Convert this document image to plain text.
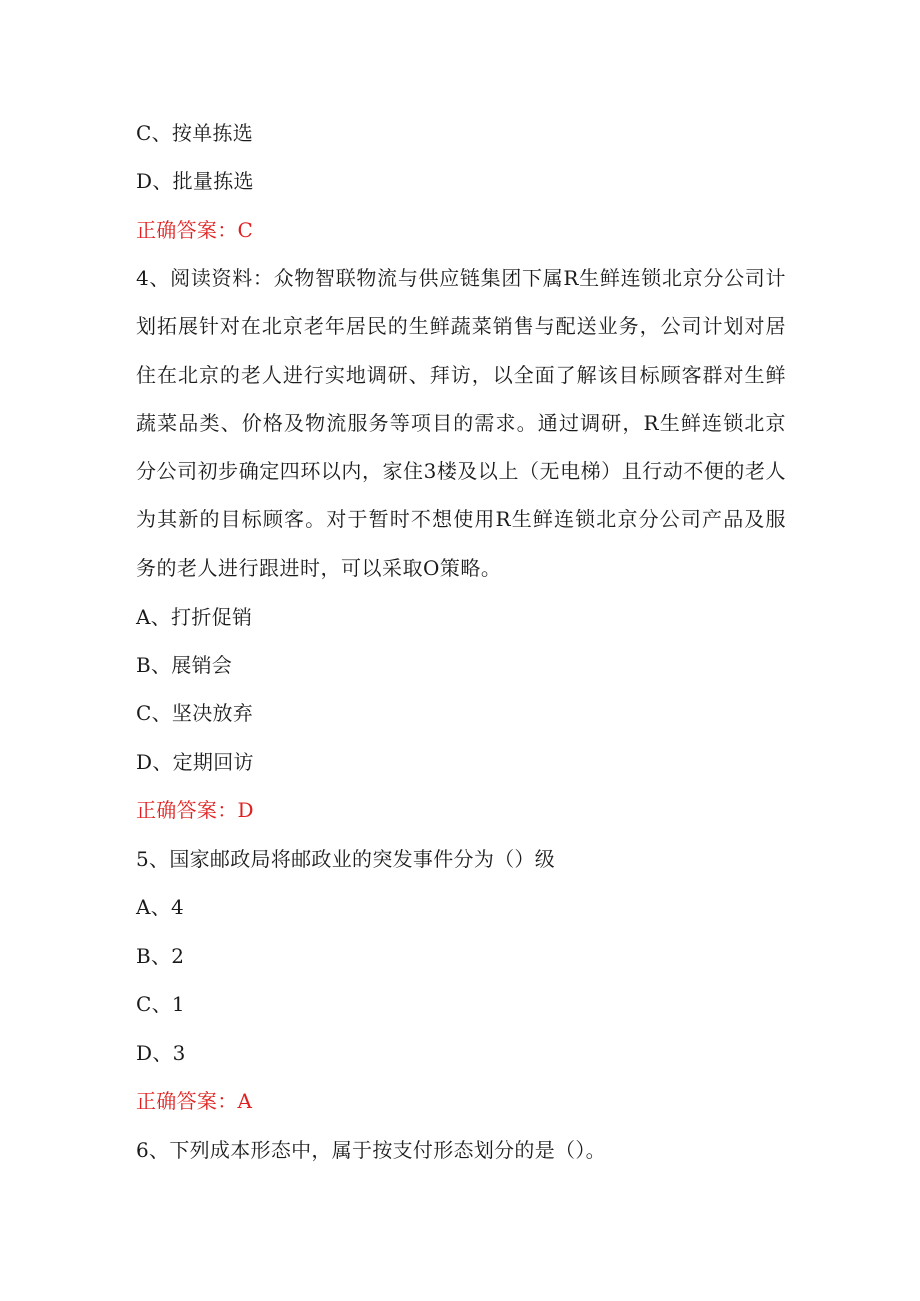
C、按单拣选
D、批量拣选
正确答案：C
4、阅读资料：众物智联物流与供应链集团下属R生鲜连锁北京分公司计划拓展针对在北京老年居民的生鲜蔬菜销售与配送业务，公司计划对居住在北京的老人进行实地调研、拜访，以全面了解该目标顾客群对生鲜蔬菜品类、价格及物流服务等项目的需求。通过调研，R生鲜连锁北京分公司初步确定四环以内，家住3楼及以上（无电梯）且行动不便的老人为其新的目标顾客。对于暂时不想使用R生鲜连锁北京分公司产品及服务的老人进行跟进时，可以采取O策略。
A、打折促销
B、展销会
C、坚决放弃
D、定期回访
正确答案：D
5、国家邮政局将邮政业的突发事件分为（）级
A、4
B、2
C、1
D、3
正确答案：A
6、下列成本形态中，属于按支付形态划分的是（）。
